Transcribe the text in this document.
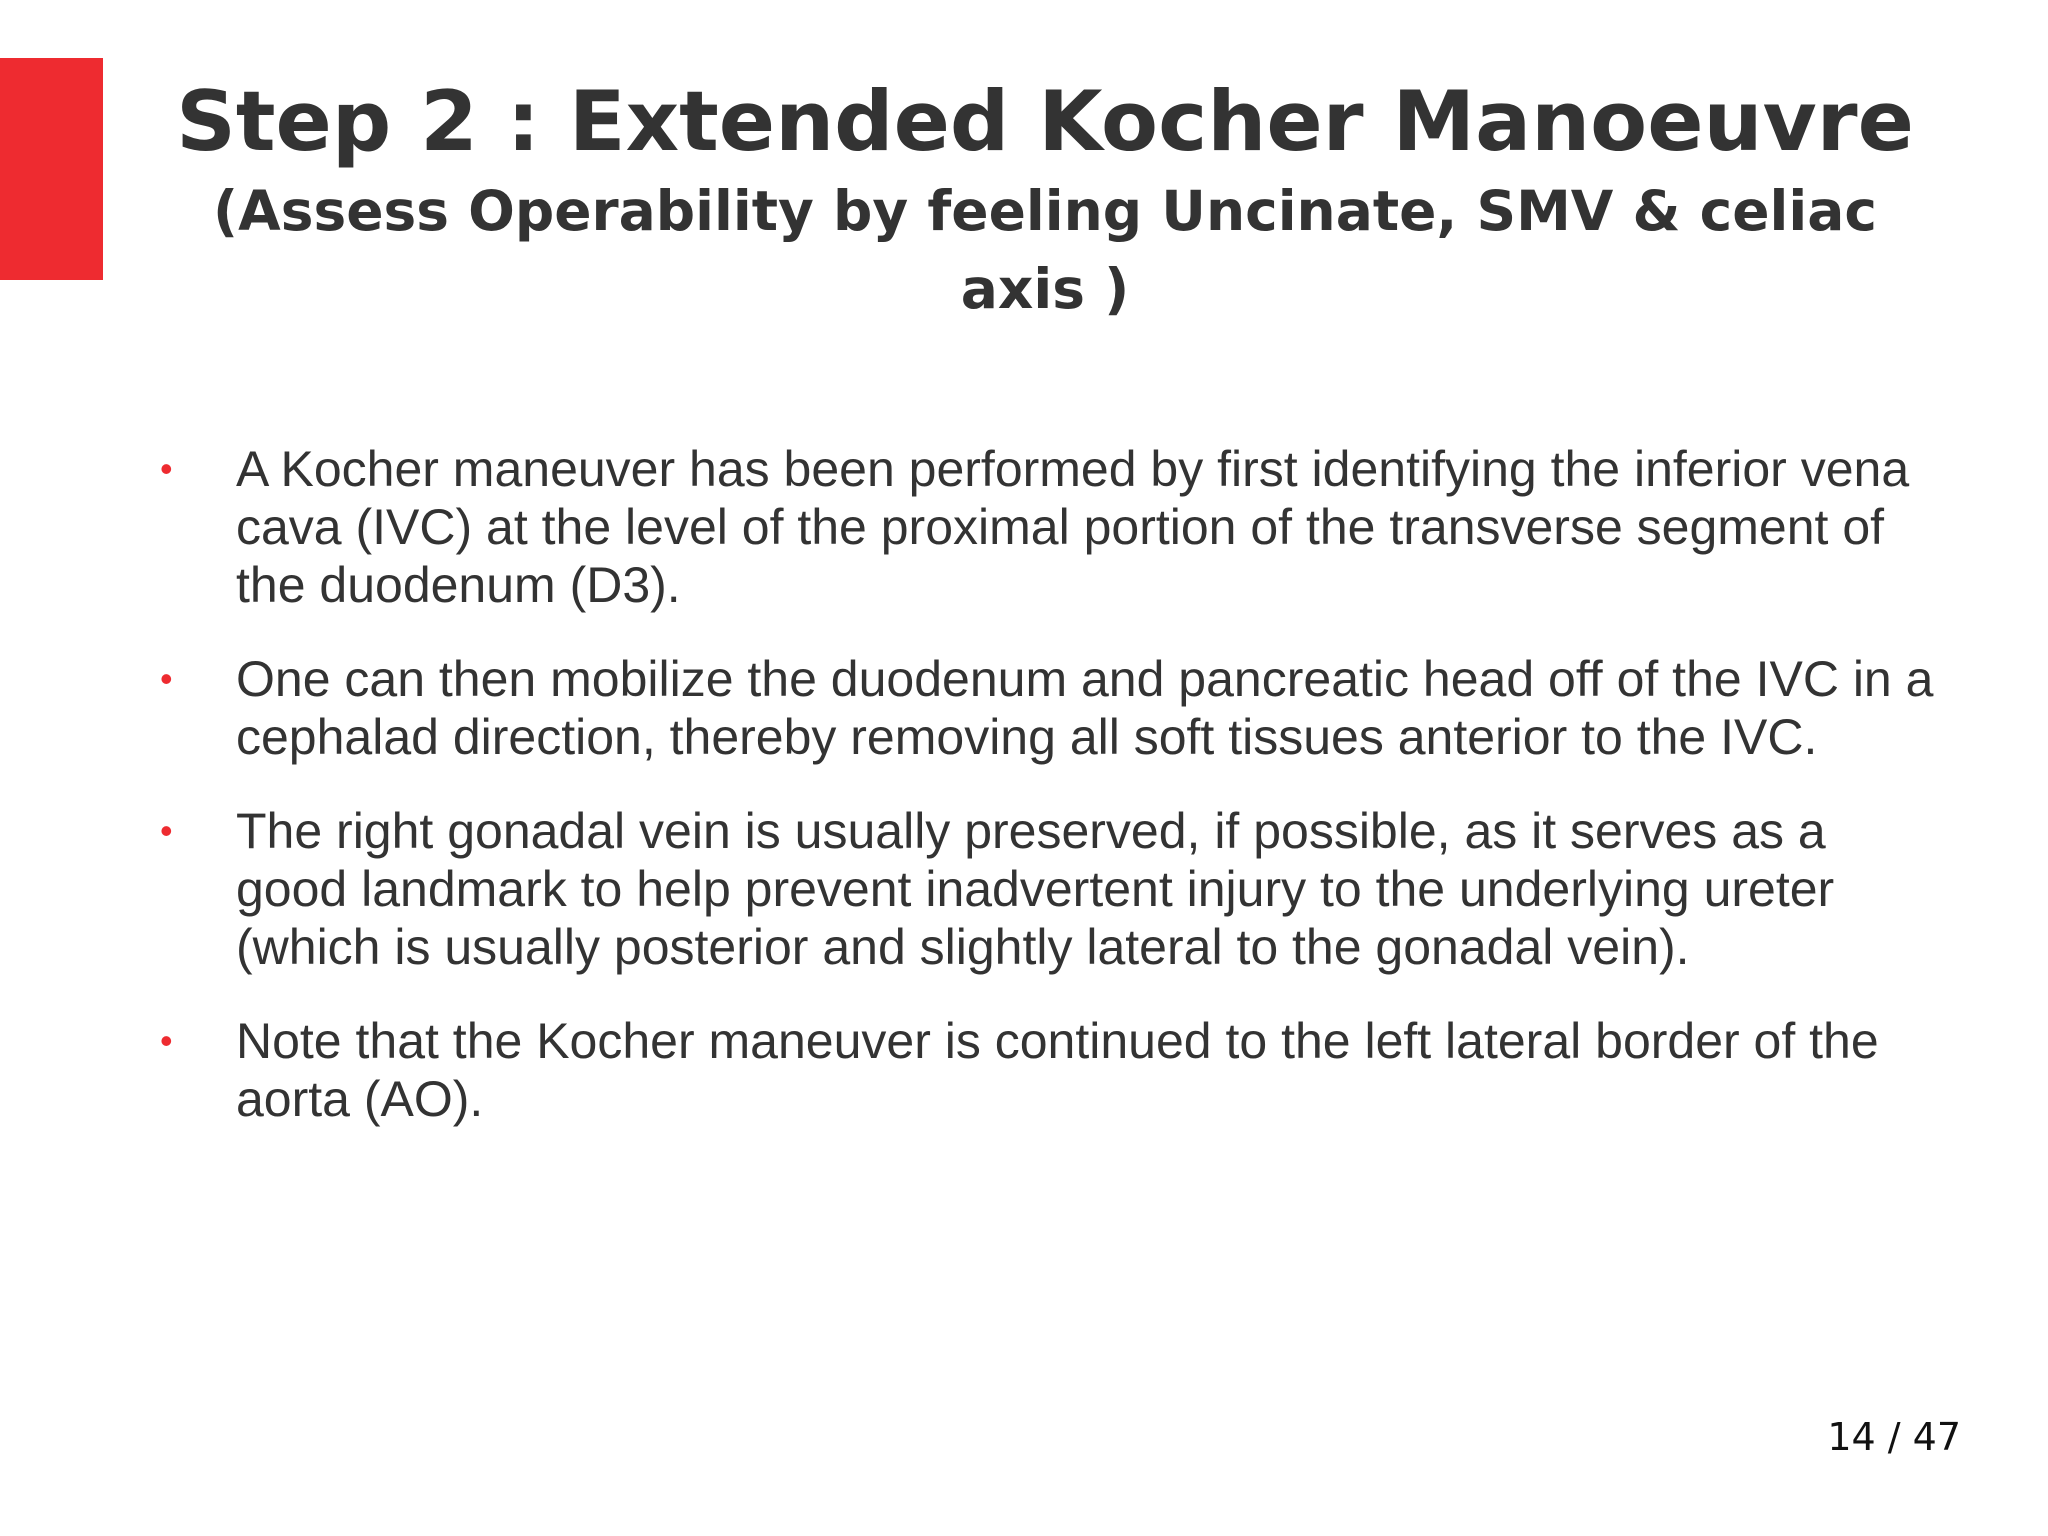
Step 2 : Extended Kocher Manoeuvre
(Assess Operability by feeling Uncinate, SMV & celiac axis )
•	A Kocher maneuver has been performed by first identifying the inferior vena cava (IVC) at the level of the proximal portion of the transverse segment of the duodenum (D3).
•	One can then mobilize the duodenum and pancreatic head off of the IVC in a cephalad direction, thereby removing all soft tissues anterior to the IVC.
•	The right gonadal vein is usually preserved, if possible, as it serves as a good landmark to help prevent inadvertent injury to the underlying ureter (which is usually posterior and slightly lateral to the gonadal vein).
•	Note that the Kocher maneuver is continued to the left lateral border of the aorta (AO).
14 / 47
